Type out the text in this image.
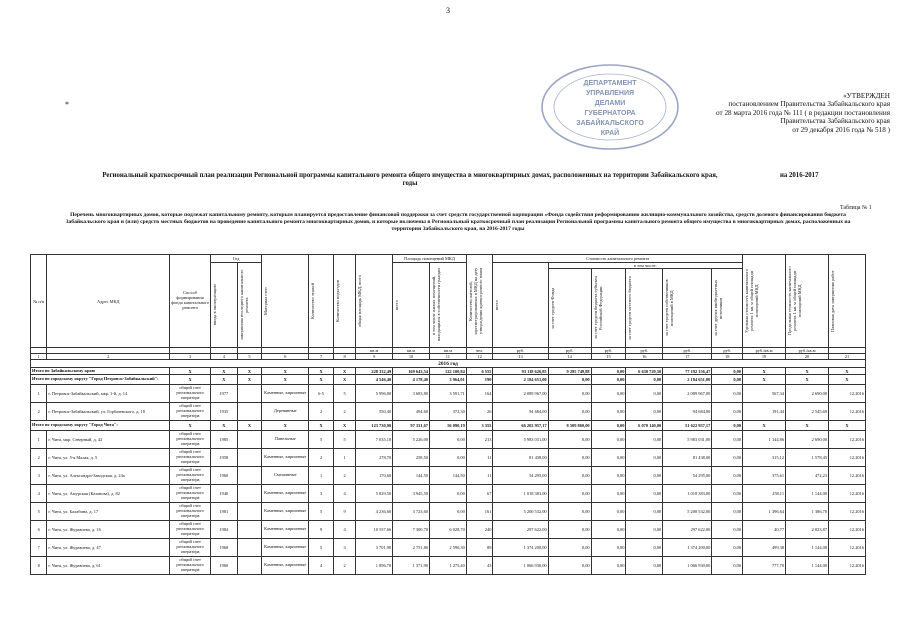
3
*
ДЕПАРТАМЕНТ
УПРАВЛЕНИЯ
ДЕЛАМИ
ГУБЕРНАТОРА
ЗАБАЙКАЛЬСКОГО
КРАЙ
«УТВЕРЖДЕН
постановлением Правительства Забайкальского края
от 28 марта 2016 года № 111 ( в редакции постановления
Правительства Забайкальского края
от 29 декабря 2016 года № 518 )
Региональный краткосрочный план реализации Региональной программы капитального ремонта общего имущества в многоквартирных домах, расположенных на территории Забайкальского края,
годы
на 2016-2017
Таблица № 1
Перечень многоквартирных домов, которые подлежат капитальному ремонту, которым планируется предоставление финансовой поддержки за счет средств государственной корпорации «Фонда содействия реформированию жилищно-коммунального хозяйства, средств долевого финансирования бюджета Забайкальского края и (или) средств местных бюджетов на проведение капитального ремонта многоквартирных домов, и которые включены в Региональный краткосрочный план реализации Региональной программы капитального ремонта общего имущества в многоквартирных домах, расположенных на территории Забайкальского края, на 2016-2017 годы
№ п/п	Адрес МКД	Способ формирования фонда капитального ремонта	Год		Материал стен	Количество этажей	Количество подъездов	общая площадь МКД, всего	Площадь помещений МКД		Количество жителей, зарегистрированных в МКД на дату утверждения краткосрочного плана	Стоимость капитального ремонта						Удельная стоимость капитального ремонта 1 кв. м общей площади помещений МКД	Предельная стоимость капитального ремонта 1 кв. м общей площади помещений МКД	Плановая дата завершения работ

			ввода в эксплуатацию	завершения последнего капитального ремонта					всего	в том числе жилых помещений, находящихся в собственности граждан		всего	в том числе:							

													за счет средств Фонда	за счет средств бюджета субъекта Российской Федерации	за счет средств местного бюджета	за счет средств собственников помещений в МКД	за счет других внебюджетных источников			

								кв.м	кв.м	кв.м	чел.	руб.	руб.	руб.	руб.	руб.	руб.	руб./кв.м	руб./кв.м	
1	2	3	4	5	6	7	8	9	10	11	12	13	14	15	16	17	18	19	20	21
2016 год																				
Итого по Забайкальскому краю		X	X	X	X	X	X	228 332,49	169 643,54	122 100,84	6 555	93 118 626,85	9 295 749,88	0,00	6 630 720,50	77 192 156,47	0,00	X	X	X
Итого по городскому округу "Город Петровск-Забайкальский":		X	X	X	X	X	X	4 546,40	4 178,40	3 964,01	190	2 184 651,00	0,00	0,00	0,00	2 184 651,00	0,00	X	X	X
1	г. Петровск-Забайкальский, мкр. 1-й, д. 14	общий счет регионального оператора	1977		Каменные, кирпичные	6-5	5	5 996,00	3 683,80	3 591,71	164	2 089 967,00	0,00	0,00	0,00	2 089 967,00	0,00	567,34	2 690,00	12.2016
2	г. Петровск-Забайкальский, ул. Горбачевского, д. 18	общий счет регионального оператора	1935		Деревянные	2	2	550,40	494,60	372,30	26	94 684,00	0,00	0,00	0,00	94 684,00	0,00	191,44	2 545,69	12.2016
Итого по городскому округу "Город Чита":		X	X	X	X	X	X	123 730,90	97 331,67	56 090,19	3 355	66 202 957,17	8 509 860,00	0,00	6 070 140,00	51 622 957,17	0,00	X	X	X
1	г. Чита, мкр. Северный, д. 42	общий счет регионального оператора	1985		Панельные	5	5	7 035,10	5 226,00	0,00	213	5 983 031,00	0,00	0,00	0,00	5 983 031,00	0,00	1 144,86	2 690,00	12.2016
2	г. Чита, ул. 5-я Малая, д. 5	общий счет регионального оператора	1958		Каменные, кирпичные	2	1	278,70	258,50	0,00	11	81 438,00	0,00	0,00	0,00	81 438,00	0,00	315,12	1 578,45	12.2016
3	г. Чита, ул. Александро-Заводская, д. 24а	общий счет регионального оператора	1960		Смешанные	1	2	170,60	144,50	144,50	11	54 295,00	0,00	0,00	0,00	54 295,00	0,00	375,61	472,23	12.2016
4	г. Чита, ул. Амурская (Казанова), д. 82	общий счет регионального оператора	1940		Каменные, кирпичные	3	4	5 829,50	3 945,50	0,00	67	1 018 383,00	0,00	0,00	0,00	1 018 383,00	0,00	258,11	1 144,00	12.2016
5	г. Чита, ул. Балабина, д. 17	общий счет регионального оператора	1981		Каменные, кирпичные	5	9	4 236,60	3 723,60	0,00	161	5 200 532,00	0,00	0,00	0,00	5 200 532,00	0,00	1 396,64	1 386,70	12.2016
6	г. Чита, ул. Журавлева, д. 16	общий счет регионального оператора	1984		Каменные, кирпичные	9	4	10 537,66	7 300,70	6 028,70	240	297 622,00	0,00	0,00	0,00	297 622,00	0,00	40,77	2 823,87	12.2016
7	г. Чита, ул. Журавлева, д. 47	общий счет регионального оператора	1968		Каменные, кирпичные	5	3	3 701,90	2 751,80	2 590,30	89	1 374 200,00	0,00	0,00	0,00	1 374 200,00	0,00	499,38	1 144,00	12.2016
8	г. Чита, ул. Журавлева, д. 61	общий счет регионального оператора	1960		Каменные, кирпичные	4	2	1 896,70	1 371,90	1 275,40	43	1 066 930,00	0,00	0,00	0,00	1 066 930,00	0,00	777,70	1 144,00	12.2016
